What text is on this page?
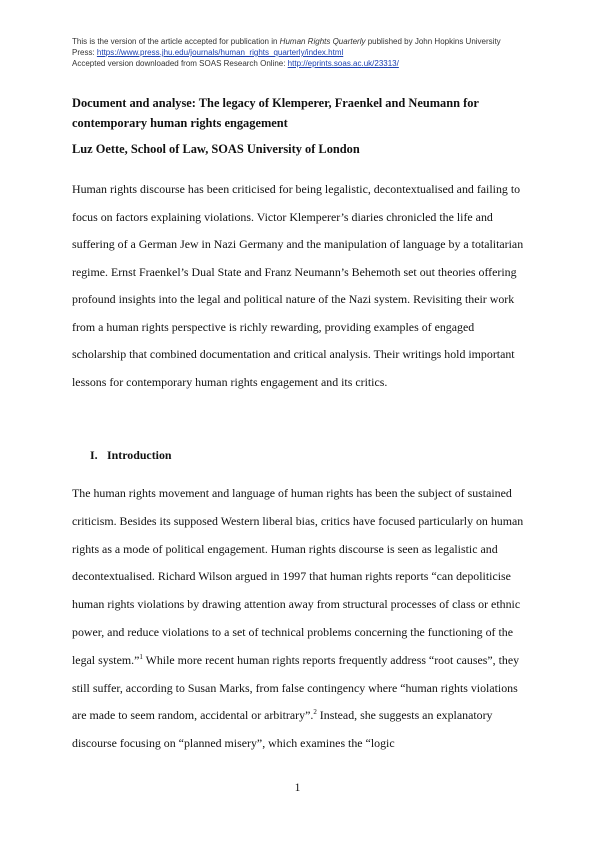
This is the version of the article accepted for publication in Human Rights Quarterly published by John Hopkins University
Press: https://www.press.jhu.edu/journals/human_rights_quarterly/index.html
Accepted version downloaded from SOAS Research Online: http://eprints.soas.ac.uk/23313/
Document and analyse: The legacy of Klemperer, Fraenkel and Neumann for contemporary human rights engagement
Luz Oette, School of Law, SOAS University of London

Human rights discourse has been criticised for being legalistic, decontextualised and failing to focus on factors explaining violations. Victor Klemperer’s diaries chronicled the life and suffering of a German Jew in Nazi Germany and the manipulation of language by a totalitarian regime. Ernst Fraenkel’s Dual State and Franz Neumann’s Behemoth set out theories offering profound insights into the legal and political nature of the Nazi system. Revisiting their work from a human rights perspective is richly rewarding, providing examples of engaged scholarship that combined documentation and critical analysis. Their writings hold important lessons for contemporary human rights engagement and its critics.

I. Introduction

The human rights movement and language of human rights has been the subject of sustained criticism. Besides its supposed Western liberal bias, critics have focused particularly on human rights as a mode of political engagement. Human rights discourse is seen as legalistic and decontextualised. Richard Wilson argued in 1997 that human rights reports “can depoliticise human rights violations by drawing attention away from structural processes of class or ethnic power, and reduce violations to a set of technical problems concerning the functioning of the legal system.”$^1$ While more recent human rights reports frequently address “root causes”, they still suffer, according to Susan Marks, from false contingency where “human rights violations are made to seem random, accidental or arbitrary”.$^2$ Instead, she suggests an explanatory discourse focusing on “planned misery”, which examines the “logic

1
